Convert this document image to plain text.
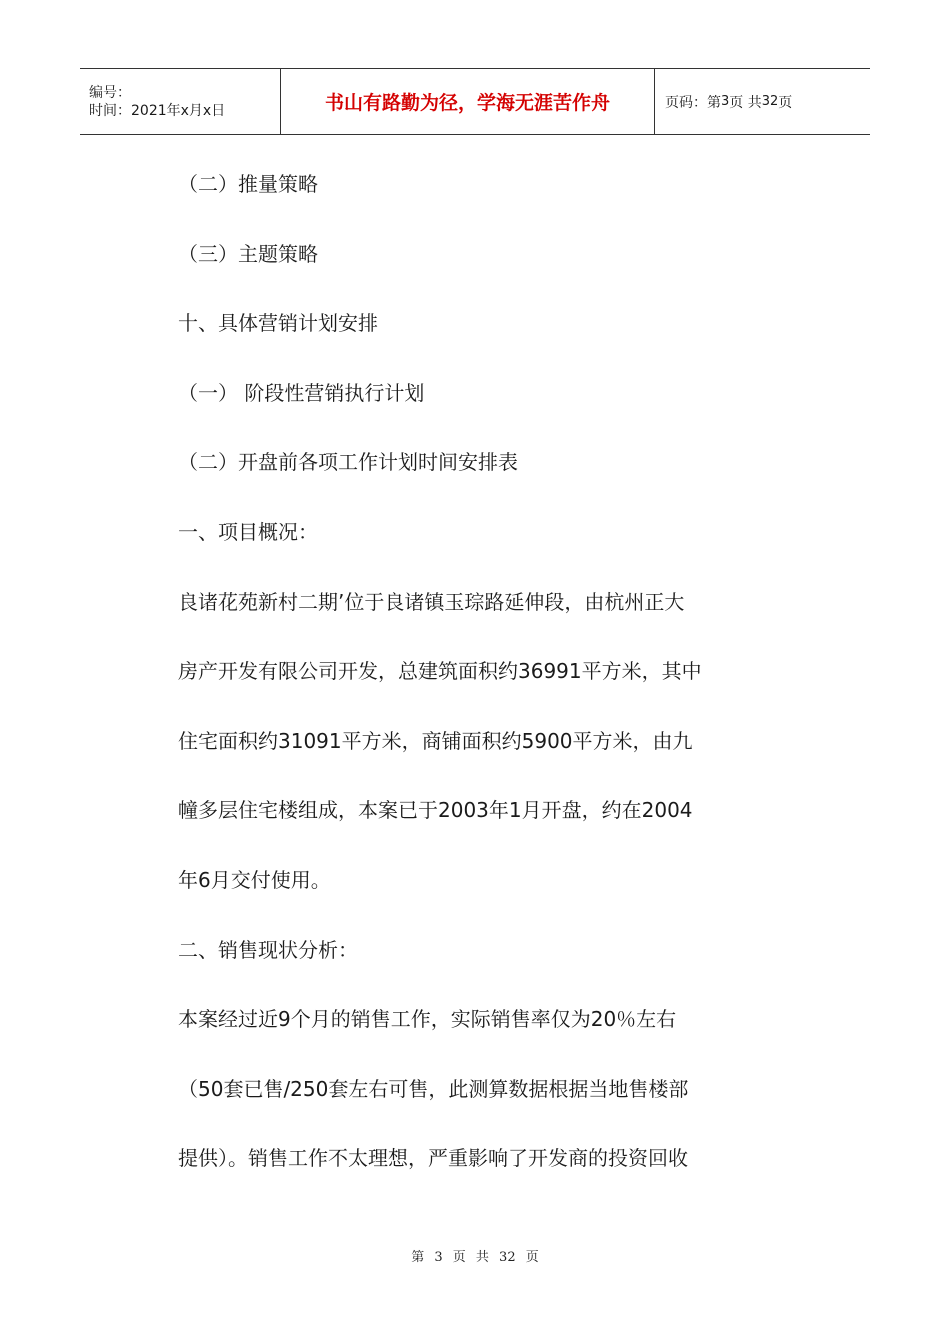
编号：
时间：2021年x月x日	书山有路勤为径，学海无涯苦作舟	页码：第 3 页 共 32 页
（二）推量策略
（三）主题策略
十、具体营销计划安排
（一） 阶段性营销执行计划
（二）开盘前各项工作计划时间安排表
一、项目概况：
良诸花苑新村二期’位于良诸镇玉琮路延伸段，由杭州正大
房产开发有限公司开发，总建筑面积约36991平方米，其中
住宅面积约31091平方米，商铺面积约5900平方米，由九
幢多层住宅楼组成，本案已于2003年1月开盘，约在2004
年6月交付使用。
二、销售现状分析：
本案经过近9个月的销售工作，实际销售率仅为20％左右
（50套已售/250套左右可售，此测算数据根据当地售楼部
提供）。销售工作不太理想，严重影响了开发商的投资回收
第 3 页 共 32 页
